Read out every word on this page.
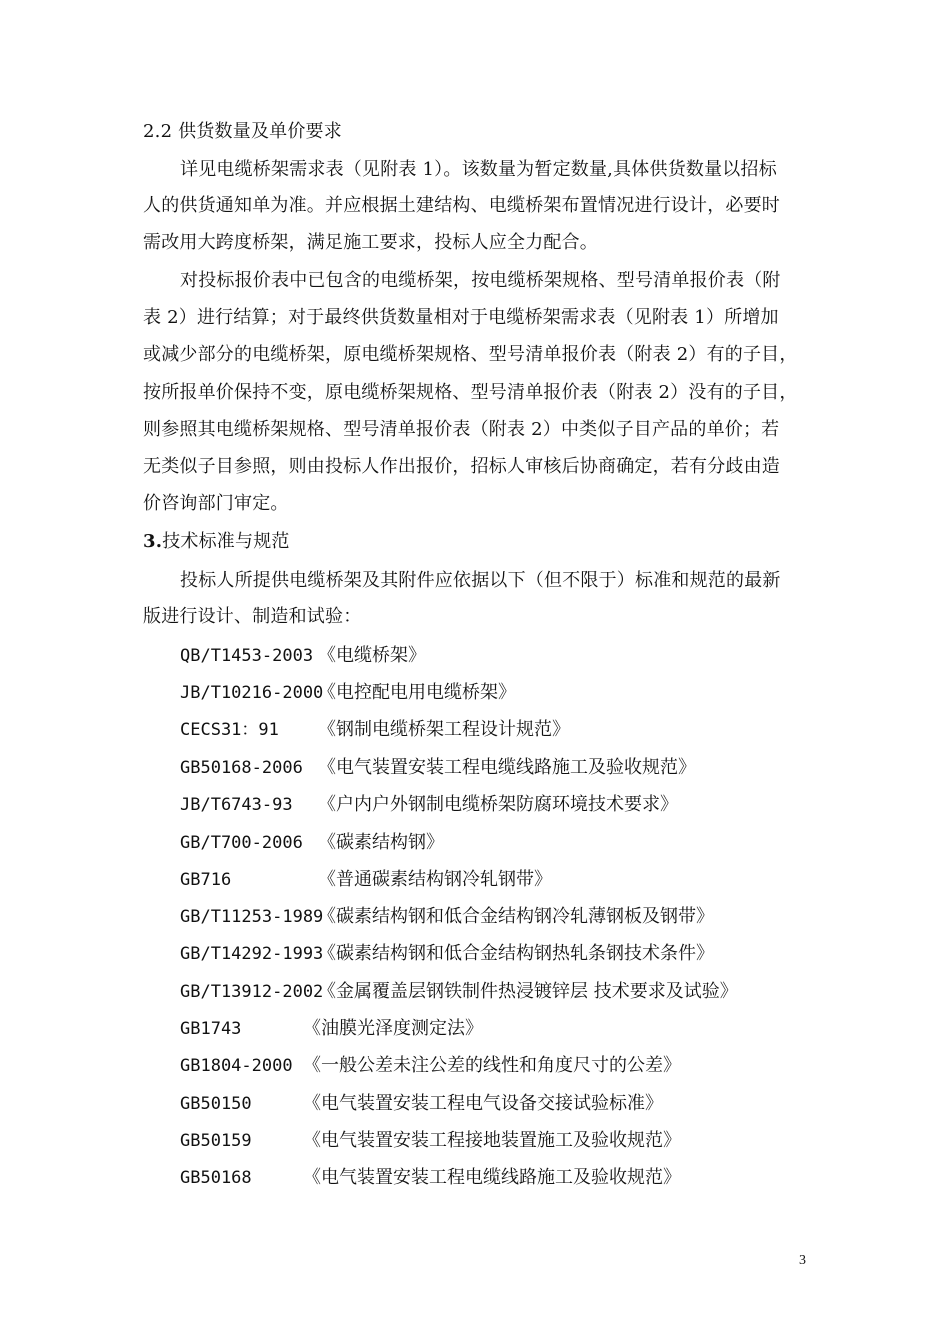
2.2 供货数量及单价要求
详见电缆桥架需求表（见附表 1）。该数量为暂定数量,具体供货数量以招标
人的供货通知单为准。并应根据土建结构、电缆桥架布置情况进行设计，必要时
需改用大跨度桥架，满足施工要求，投标人应全力配合。
对投标报价表中已包含的电缆桥架，按电缆桥架规格、型号清单报价表（附
表 2）进行结算；对于最终供货数量相对于电缆桥架需求表（见附表 1）所增加
或减少部分的电缆桥架，原电缆桥架规格、型号清单报价表（附表 2）有的子目，
按所报单价保持不变，原电缆桥架规格、型号清单报价表（附表 2）没有的子目，
则参照其电缆桥架规格、型号清单报价表（附表 2）中类似子目产品的单价；若
无类似子目参照，则由投标人作出报价，招标人审核后协商确定，若有分歧由造
价咨询部门审定。
3.技术标准与规范
投标人所提供电缆桥架及其附件应依据以下（但不限于）标准和规范的最新
版进行设计、制造和试验：
QB/T1453-2003 《电缆桥架》
JB/T10216-2000
《电控配电用电缆桥架》
CECS31：91 《钢制电缆桥架工程设计规范》
GB50168-2006 《电气装置安装工程电缆线路施工及验收规范》
JB/T6743-93 《户内户外钢制电缆桥架防腐环境技术要求》
GB/T700-2006 《碳素结构钢》
GB716	《普通碳素结构钢冷轧钢带》
GB/T11253-1989
《碳素结构钢和低合金结构钢冷轧薄钢板及钢带》
GB/T14292-1993
《碳素结构钢和低合金结构钢热轧条钢技术条件》
GB/T13912-2002
《金属覆盖层钢铁制件热浸镀锌层 技术要求及试验》
GB1743	《油膜光泽度测定法》
GB1804-2000 《一般公差未注公差的线性和角度尺寸的公差》
GB50150	《电气装置安装工程电气设备交接试验标准》
GB50159	《电气装置安装工程接地装置施工及验收规范》
GB50168	《电气装置安装工程电缆线路施工及验收规范》
3
